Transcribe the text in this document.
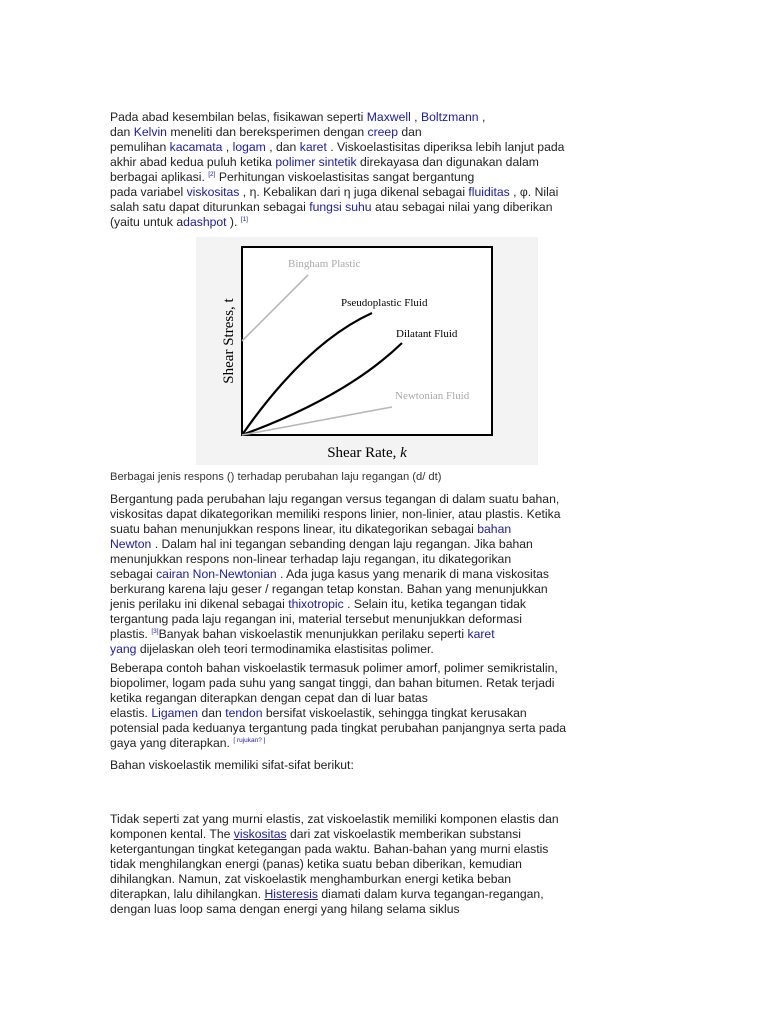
Pada abad kesembilan belas, fisikawan seperti Maxwell , Boltzmann ,

dan Kelvin meneliti dan bereksperimen dengan creep dan

pemulihan kacamata , logam , dan karet . Viskoelastisitas diperiksa lebih lanjut pada

akhir abad kedua puluh ketika polimer sintetik direkayasa dan digunakan dalam

berbagai aplikasi. [2] Perhitungan viskoelastisitas sangat bergantung

pada variabel viskositas , η. Kebalikan dari η juga dikenal sebagai fluiditas , φ. Nilai

salah satu dapat diturunkan sebagai fungsi suhu atau sebagai nilai yang diberikan

(yaitu untuk adashpot ). [1]

Bingham Plastic
Pseudoplastic Fluid
Dilatant Fluid
Newtonian Fluid
Shear Stress, t
Shear Rate, k

Berbagai jenis respons () terhadap perubahan laju regangan (d/ dt)

Bergantung pada perubahan laju regangan versus tegangan di dalam suatu bahan,

viskositas dapat dikategorikan memiliki respons linier, non-linier, atau plastis. Ketika

suatu bahan menunjukkan respons linear, itu dikategorikan sebagai bahan

Newton . Dalam hal ini tegangan sebanding dengan laju regangan. Jika bahan

menunjukkan respons non-linear terhadap laju regangan, itu dikategorikan

sebagai cairan Non-Newtonian . Ada juga kasus yang menarik di mana viskositas

berkurang karena laju geser / regangan tetap konstan. Bahan yang menunjukkan

jenis perilaku ini dikenal sebagai thixotropic . Selain itu, ketika tegangan tidak

tergantung pada laju regangan ini, material tersebut menunjukkan deformasi

plastis. [3]Banyak bahan viskoelastik menunjukkan perilaku seperti karet

yang dijelaskan oleh teori termodinamika elastisitas polimer.

Beberapa contoh bahan viskoelastik termasuk polimer amorf, polimer semikristalin,

biopolimer, logam pada suhu yang sangat tinggi, dan bahan bitumen. Retak terjadi

ketika regangan diterapkan dengan cepat dan di luar batas

elastis. Ligamen dan tendon bersifat viskoelastik, sehingga tingkat kerusakan

potensial pada keduanya tergantung pada tingkat perubahan panjangnya serta pada

gaya yang diterapkan. [ rujukan? ]

Bahan viskoelastik memiliki sifat-sifat berikut:

Tidak seperti zat yang murni elastis, zat viskoelastik memiliki komponen elastis dan

komponen kental. The viskositas dari zat viskoelastik memberikan substansi

ketergantungan tingkat ketegangan pada waktu. Bahan-bahan yang murni elastis

tidak menghilangkan energi (panas) ketika suatu beban diberikan, kemudian

dihilangkan. Namun, zat viskoelastik menghamburkan energi ketika beban

diterapkan, lalu dihilangkan. Histeresis diamati dalam kurva tegangan-regangan,

dengan luas loop sama dengan energi yang hilang selama siklus
